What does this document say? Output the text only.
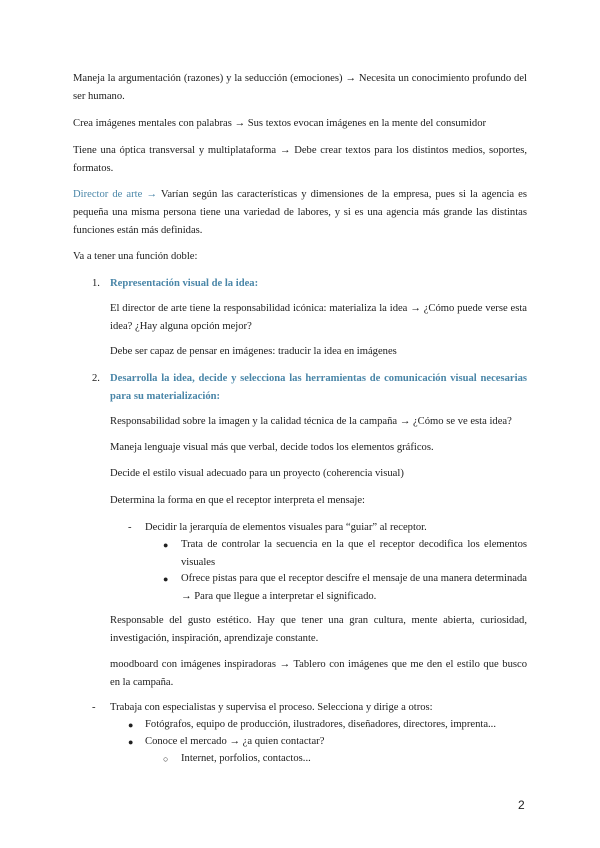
Maneja la argumentación (razones) y la seducción (emociones) → Necesita un conocimiento profundo del ser humano.

Crea imágenes mentales con palabras → Sus textos evocan imágenes en la mente del consumidor

Tiene una óptica transversal y multiplataforma → Debe crear textos para los distintos medios, soportes, formatos.

Director de arte → Varían según las características y dimensiones de la empresa, pues si la agencia es pequeña una misma persona tiene una variedad de labores, y si es una agencia más grande las distintas funciones están más definidas.

Va a tener una función doble:

1. Representación visual de la idea:

El director de arte tiene la responsabilidad icónica: materializa la idea → ¿Cómo puede verse esta idea? ¿Hay alguna opción mejor?

Debe ser capaz de pensar en imágenes: traducir la idea en imágenes

2. Desarrolla la idea, decide y selecciona las herramientas de comunicación visual necesarias para su materialización:

Responsabilidad sobre la imagen y la calidad técnica de la campaña → ¿Cómo se ve esta idea?

Maneja lenguaje visual más que verbal, decide todos los elementos gráficos.

Decide el estilo visual adecuado para un proyecto (coherencia visual)

Determina la forma en que el receptor interpreta el mensaje:

- Decidir la jerarquía de elementos visuales para “guiar” al receptor.

● Trata de controlar la secuencia en la que el receptor decodifica los elementos visuales

● Ofrece pistas para que el receptor descifre el mensaje de una manera determinada → Para que llegue a interpretar el significado.

Responsable del gusto estético. Hay que tener una gran cultura, mente abierta, curiosidad, investigación, inspiración, aprendizaje constante.

moodboard con imágenes inspiradoras → Tablero con imágenes que me den el estilo que busco en la campaña.

- Trabaja con especialistas y supervisa el proceso. Selecciona y dirige a otros:

● Fotógrafos, equipo de producción, ilustradores, diseñadores, directores, imprenta...

● Conoce el mercado → ¿a quien contactar?

○ Internet, porfolios, contactos...

2
